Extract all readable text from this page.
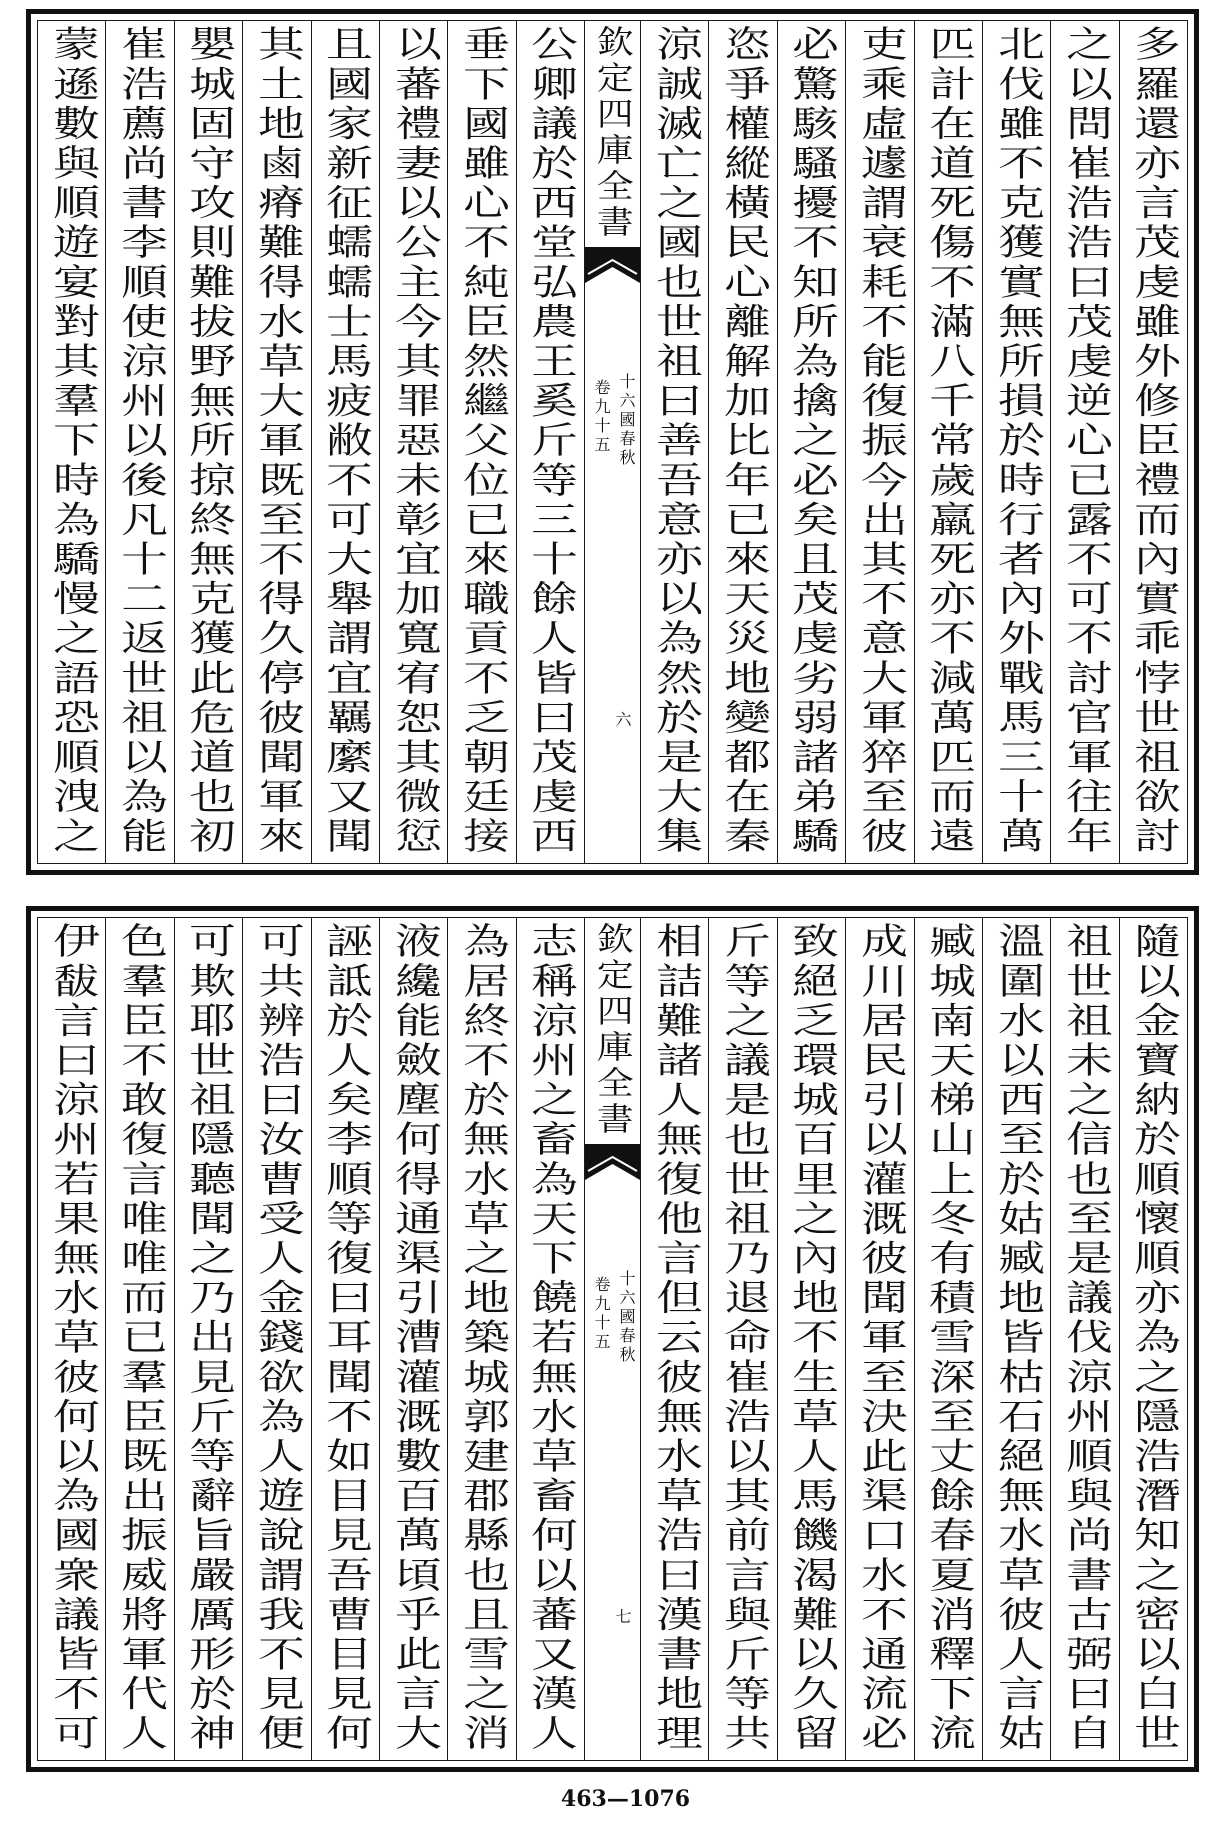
多羅還亦言茂虔雖外修臣禮而內實乖悖世祖欲討
之以問崔浩浩曰茂虔逆心已露不可不討官軍往年
北伐雖不克獲實無所損於時行者內外戰馬三十萬
匹計在道死傷不滿八千常歲羸死亦不減萬匹而遠
吏乘虛遽謂衰耗不能復振今出其不意大軍猝至彼
必驚駭騷擾不知所為擒之必矣且茂虔劣弱諸弟驕
恣爭權縱橫民心離解加比年已來天災地變都在秦
涼誠滅亡之國也世祖曰善吾意亦以為然於是大集
欽定四庫全書
十六國春秋
卷九十五
六
公卿議於西堂弘農王奚斤等三十餘人皆曰茂虔西
垂下國雖心不純臣然繼父位已來職貢不乏朝廷接
以蕃禮妻以公主今其罪惡未彰宜加寬宥恕其微愆
且國家新征蠕蠕士馬疲敝不可大舉謂宜羈縻又聞
其土地鹵瘠難得水草大軍既至不得久停彼聞軍來
嬰城固守攻則難拔野無所掠終無克獲此危道也初
崔浩薦尚書李順使涼州以後凡十二返世祖以為能
蒙遜數與順遊宴對其羣下時為驕慢之語恐順洩之
隨以金寶納於順懷順亦為之隱浩潛知之密以白世
祖世祖未之信也至是議伐涼州順與尚書古弼曰自
溫圍水以西至於姑臧地皆枯石絕無水草彼人言姑
臧城南天梯山上冬有積雪深至丈餘春夏消釋下流
成川居民引以灌溉彼聞軍至決此渠口水不通流必
致絕乏環城百里之內地不生草人馬饑渴難以久留
斤等之議是也世祖乃退命崔浩以其前言與斤等共
相詰難諸人無復他言但云彼無水草浩曰漢書地理
欽定四庫全書
十六國春秋
卷九十五
七
志稱涼州之畜為天下饒若無水草畜何以蕃又漢人
為居終不於無水草之地築城郭建郡縣也且雪之消
液纔能斂塵何得通渠引漕灌溉數百萬頃乎此言大
誣詆於人矣李順等復曰耳聞不如目見吾曹目見何
可共辨浩曰汝曹受人金錢欲為人遊說謂我不見便
可欺耶世祖隱聽聞之乃出見斤等辭旨嚴厲形於神
色羣臣不敢復言唯唯而已羣臣既出振威將軍代人
伊馛言曰涼州若果無水草彼何以為國衆議皆不可
463—1076
